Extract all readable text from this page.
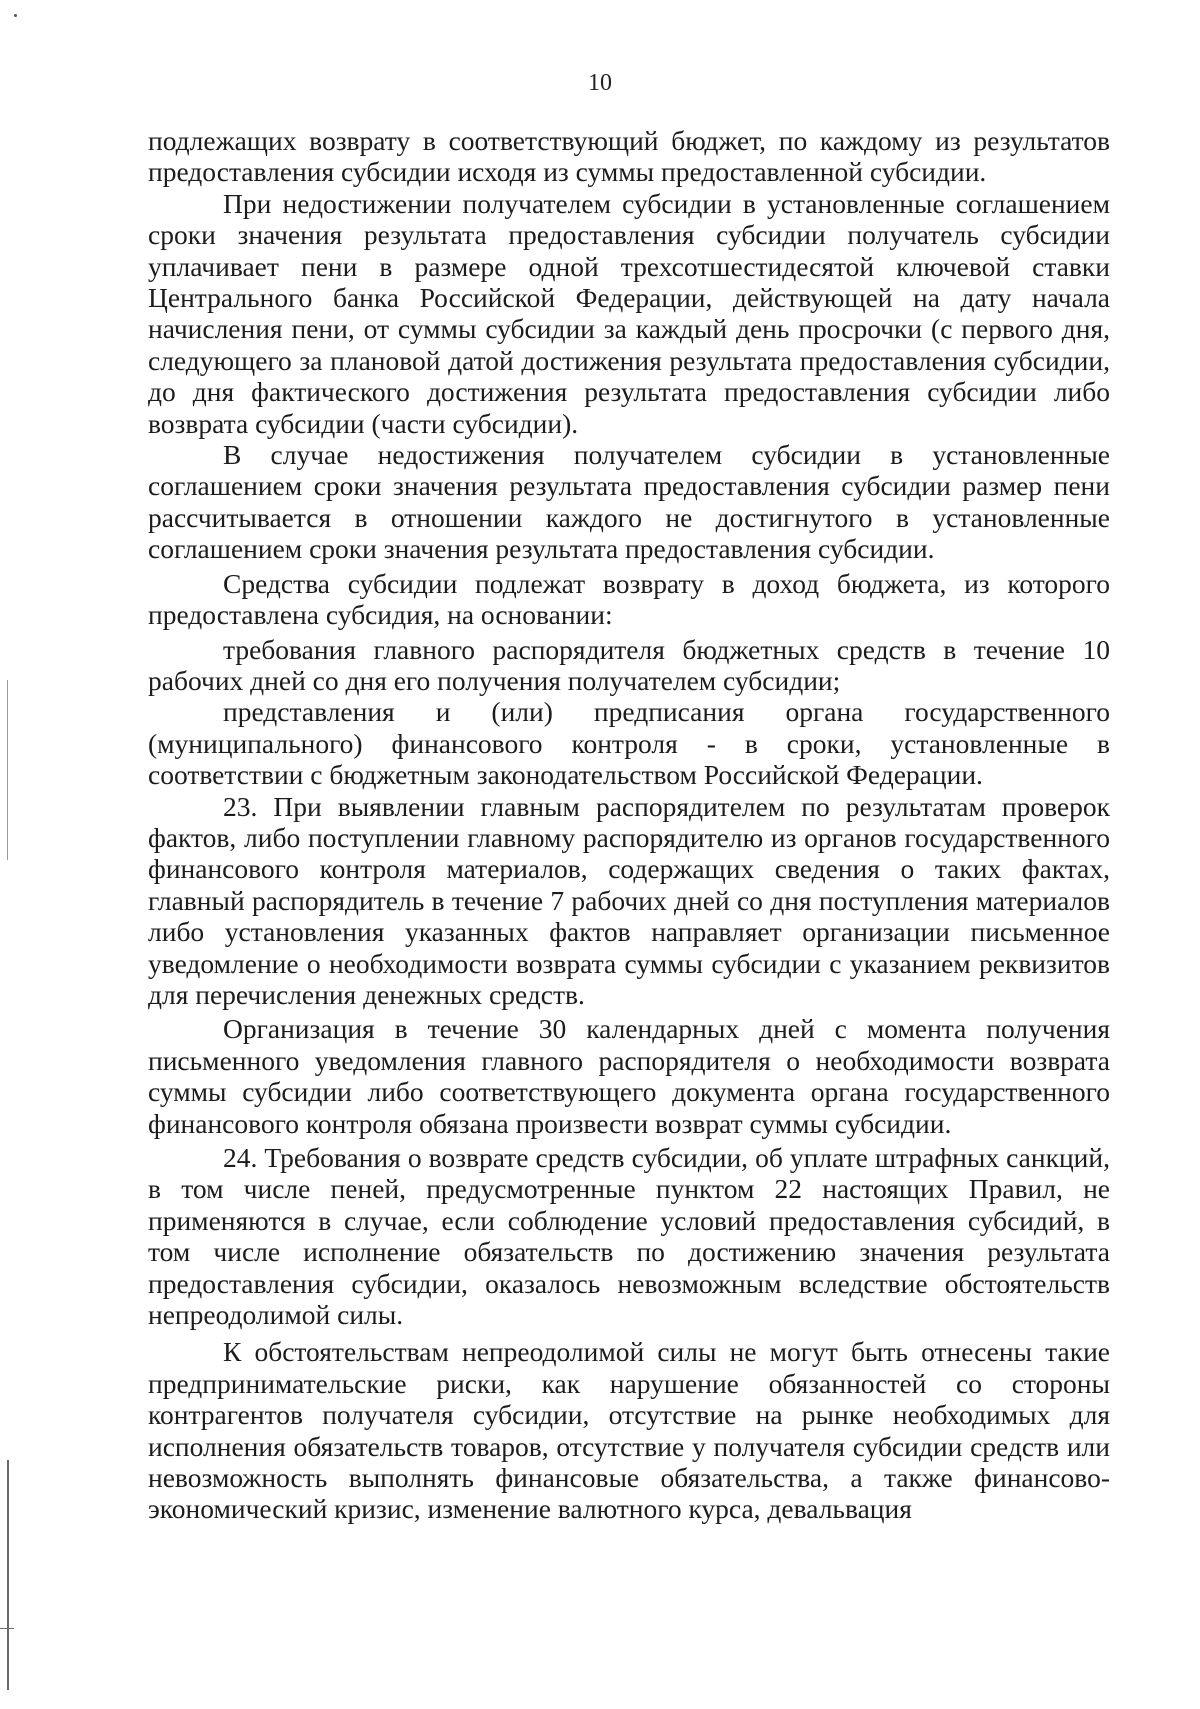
10

подлежащих возврату в соответствующий бюджет, по каждому из результатов предоставления субсидии исходя из суммы предоставленной субсидии.

При недостижении получателем субсидии в установленные соглашением сроки значения результата предоставления субсидии получатель субсидии уплачивает пени в размере одной трехсотшестидесятой ключевой ставки Центрального банка Российской Федерации, действующей на дату начала начисления пени, от суммы субсидии за каждый день просрочки (с первого дня, следующего за плановой датой достижения результата предоставления субсидии, до дня фактического достижения результата предоставления субсидии либо возврата субсидии (части субсидии).

В случае недостижения получателем субсидии в установленные соглашением сроки значения результата предоставления субсидии размер пени рассчитывается в отношении каждого не достигнутого в установленные соглашением сроки значения результата предоставления субсидии.

Средства субсидии подлежат возврату в доход бюджета, из которого предоставлена субсидия, на основании:

требования главного распорядителя бюджетных средств в течение 10 рабочих дней со дня его получения получателем субсидии;

представления и (или) предписания органа государственного (муниципального) финансового контроля - в сроки, установленные в соответствии с бюджетным законодательством Российской Федерации.

23. При выявлении главным распорядителем по результатам проверок фактов, либо поступлении главному распорядителю из органов государственного финансового контроля материалов, содержащих сведения о таких фактах, главный распорядитель в течение 7 рабочих дней со дня поступления материалов либо установления указанных фактов направляет организации письменное уведомление о необходимости возврата суммы субсидии с указанием реквизитов для перечисления денежных средств.

Организация в течение 30 календарных дней с момента получения письменного уведомления главного распорядителя о необходимости возврата суммы субсидии либо соответствующего документа органа государственного финансового контроля обязана произвести возврат суммы субсидии.

24. Требования о возврате средств субсидии, об уплате штрафных санкций, в том числе пеней, предусмотренные пунктом 22 настоящих Правил, не применяются в случае, если соблюдение условий предоставления субсидий, в том числе исполнение обязательств по достижению значения результата предоставления субсидии, оказалось невозможным вследствие обстоятельств непреодолимой силы.

К обстоятельствам непреодолимой силы не могут быть отнесены такие предпринимательские риски, как нарушение обязанностей со стороны контрагентов получателя субсидии, отсутствие на рынке необходимых для исполнения обязательств товаров, отсутствие у получателя субсидии средств или невозможность выполнять финансовые обязательства, а также финансово-экономический кризис, изменение валютного курса, девальвация
